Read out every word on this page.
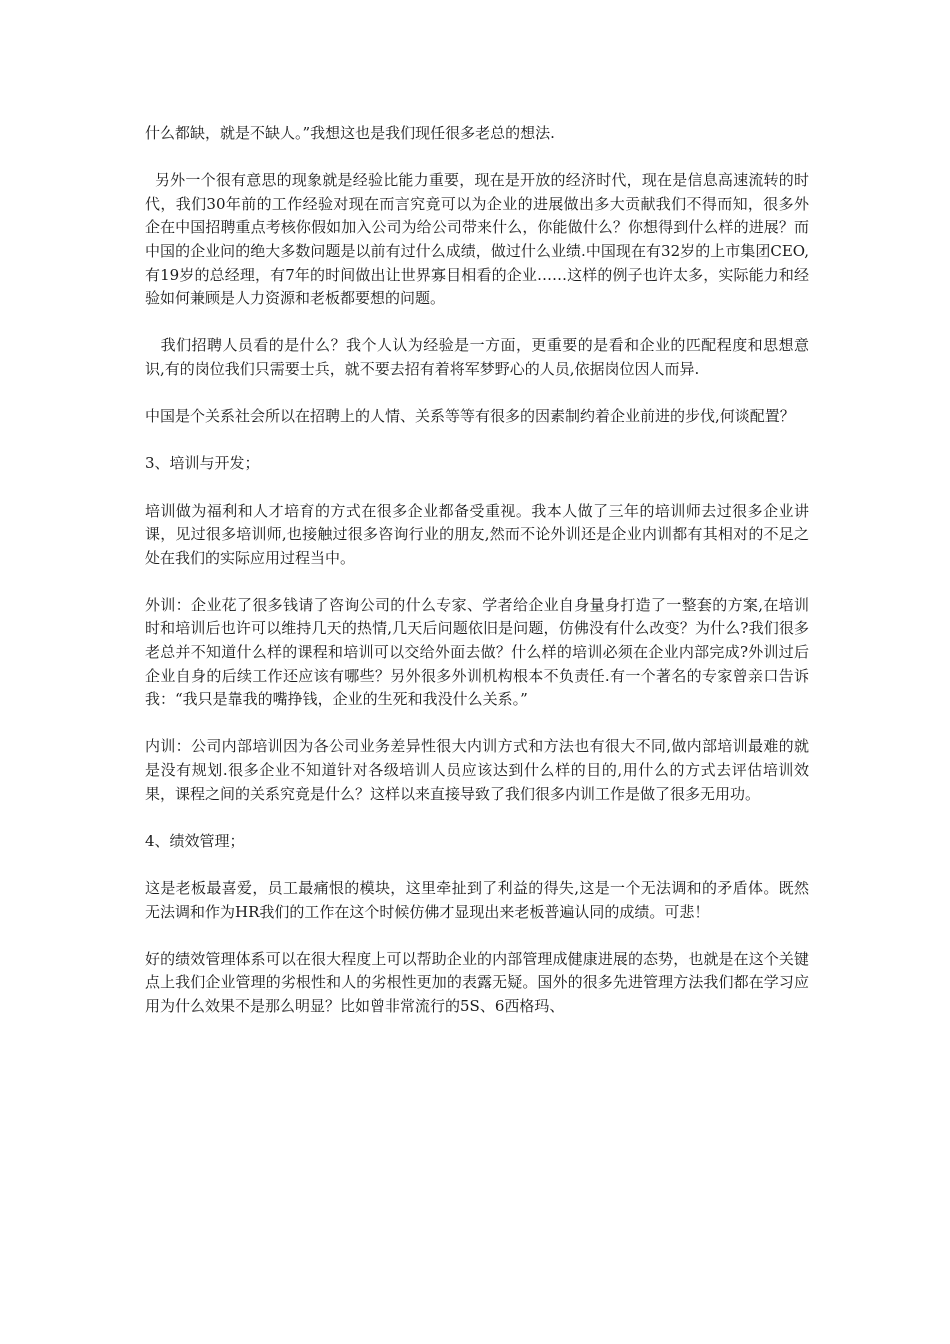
什么都缺，就是不缺人。”我想这也是我们现任很多老总的想法.

另外一个很有意思的现象就是经验比能力重要，现在是开放的经济时代，现在是信息高速流转的时代，我们30年前的工作经验对现在而言究竟可以为企业的进展做出多大贡献我们不得而知，很多外企在中国招聘重点考核你假如加入公司为给公司带来什么，你能做什么？你想得到什么样的进展？而中国的企业问的绝大多数问题是以前有过什么成绩，做过什么业绩.中国现在有32岁的上市集团CEO,有19岁的总经理，有7年的时间做出让世界寡目相看的企业……这样的例子也许太多，实际能力和经验如何兼顾是人力资源和老板都要想的问题。

我们招聘人员看的是什么？我个人认为经验是一方面，更重要的是看和企业的匹配程度和思想意识,有的岗位我们只需要士兵，就不要去招有着将军梦野心的人员,依据岗位因人而异.

中国是个关系社会所以在招聘上的人情、关系等等有很多的因素制约着企业前进的步伐,何谈配置？

3、培训与开发；

培训做为福利和人才培育的方式在很多企业都备受重视。我本人做了三年的培训师去过很多企业讲课，见过很多培训师,也接触过很多咨询行业的朋友,然而不论外训还是企业内训都有其相对的不足之处在我们的实际应用过程当中。

外训：企业花了很多钱请了咨询公司的什么专家、学者给企业自身量身打造了一整套的方案,在培训时和培训后也许可以维持几天的热情,几天后问题依旧是问题，仿佛没有什么改变？为什么?我们很多老总并不知道什么样的课程和培训可以交给外面去做？什么样的培训必须在企业内部完成?外训过后企业自身的后续工作还应该有哪些？另外很多外训机构根本不负责任.有一个著名的专家曾亲口告诉我：“我只是靠我的嘴挣钱，企业的生死和我没什么关系。”

内训：公司内部培训因为各公司业务差异性很大内训方式和方法也有很大不同,做内部培训最难的就是没有规划.很多企业不知道针对各级培训人员应该达到什么样的目的,用什么的方式去评估培训效果，课程之间的关系究竟是什么？这样以来直接导致了我们很多内训工作是做了很多无用功。

4、绩效管理；

这是老板最喜爱，员工最痛恨的模块，这里牵扯到了利益的得失,这是一个无法调和的矛盾体。既然无法调和作为HR我们的工作在这个时候仿佛才显现出来老板普遍认同的成绩。可悲！

好的绩效管理体系可以在很大程度上可以帮助企业的内部管理成健康进展的态势，也就是在这个关键点上我们企业管理的劣根性和人的劣根性更加的表露无疑。国外的很多先进管理方法我们都在学习应用为什么效果不是那么明显？比如曾非常流行的5S、6西格玛、
